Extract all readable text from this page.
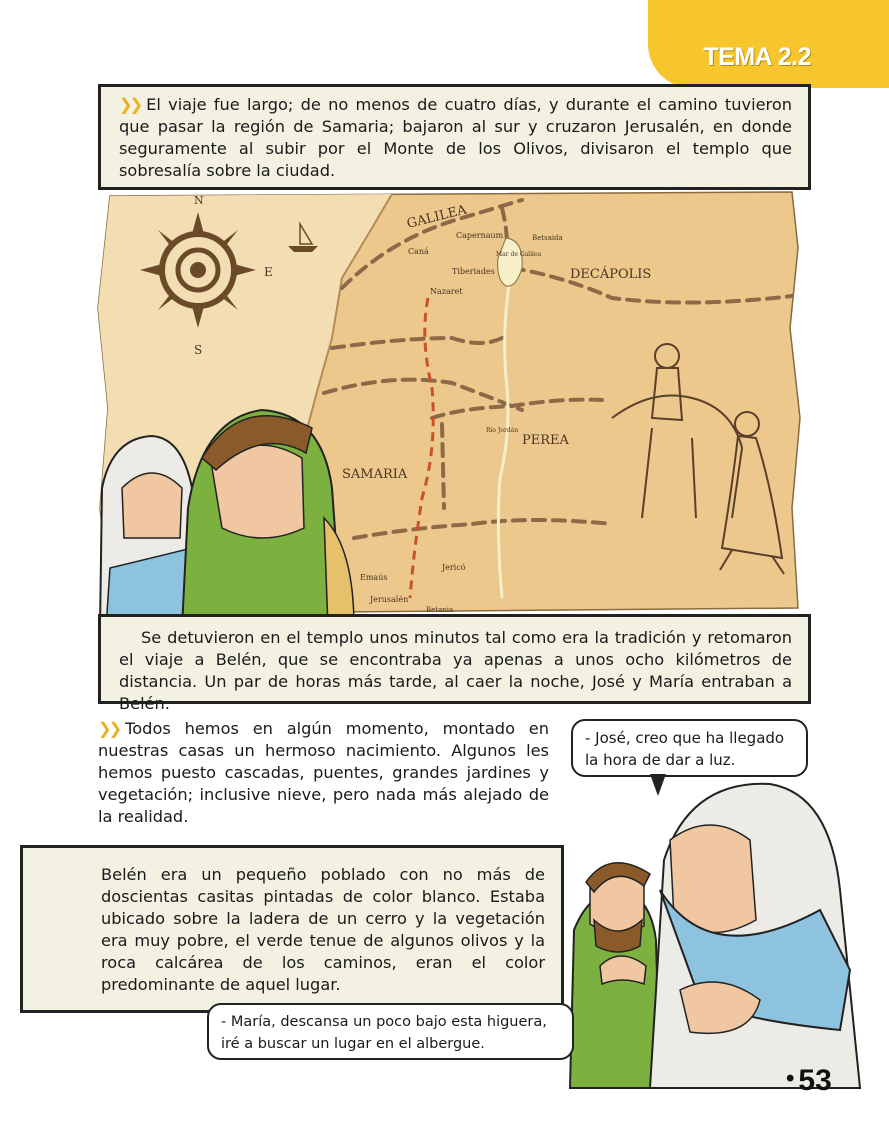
TEMA 2.2
❯❯ El viaje fue largo; de no menos de cuatro días, y durante el camino tuvieron que pasar la región de Samaria; bajaron al sur y cruzaron Jerusalén, en donde seguramente al subir por el Monte de los Olivos, divisaron el templo que sobresalía sobre la ciudad.
N
E
S
GALILEA
DECÁPOLIS
SAMARIA
PEREA
Capernaum	Betsaida
Mar de Galilea
Caná
Tiberiades
Nazaret
Río Jordán
Emaús
Jericó
Jerusalén
Betania
Se detuvieron en el templo unos minutos tal como era la tradición y retomaron el viaje a Belén, que se encontraba ya apenas a unos ocho kilómetros de distancia. Un par de horas más tarde, al caer la noche, José y María entraban a Belén.
❯❯ Todos hemos en algún momento, montado en nuestras casas un hermoso nacimiento. Algunos les hemos puesto cascadas, puentes, grandes jardines y vegetación; inclusive nieve, pero nada más alejado de la realidad.
Belén era un pequeño poblado con no más de doscientas casitas pintadas de color blanco. Estaba ubicado sobre la ladera de un cerro y la vegetación era muy pobre, el verde tenue de algunos olivos y la roca calcárea de los caminos, eran el color predominante de aquel lugar.
- José, creo que ha llegado la hora de dar a luz.
- María, descansa un poco bajo esta higuera, iré a buscar un lugar en el albergue.
• 53
